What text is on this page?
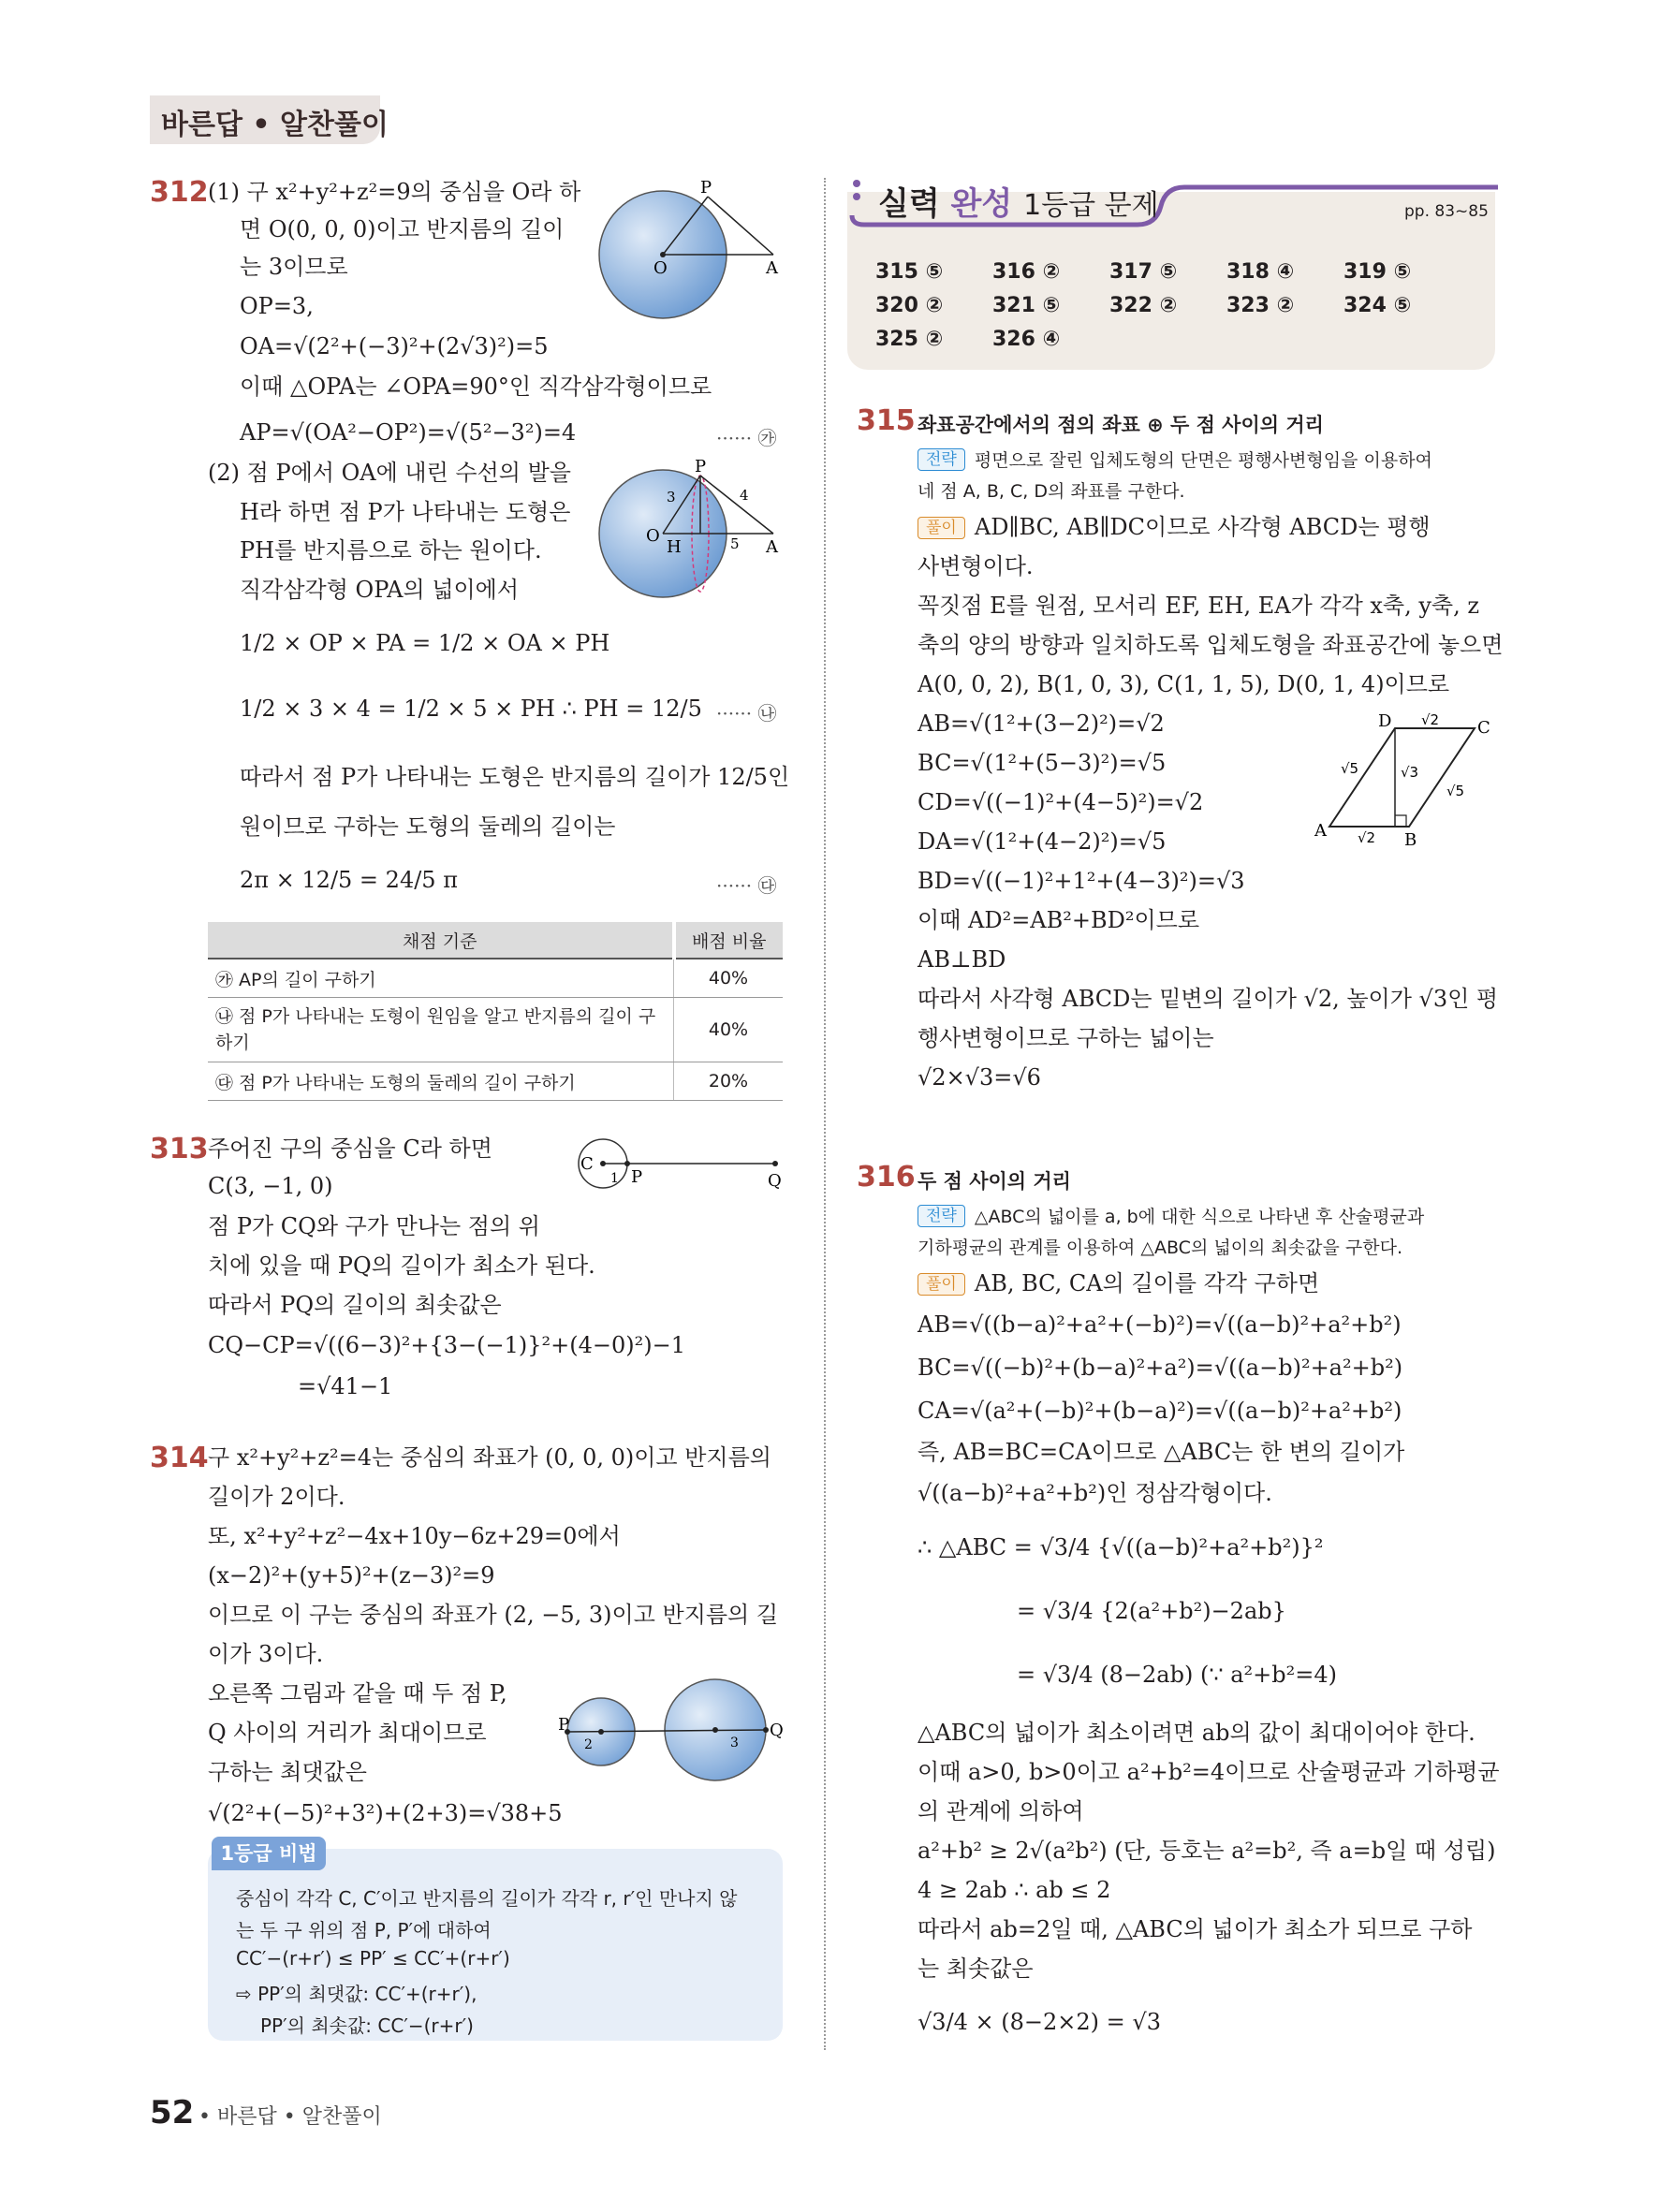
바른답 • 알찬풀이
312 (1) 구 x²+y²+z²=9의 중심을 O라 하
면 O(0, 0, 0)이고 반지름의 길이
는 3이므로
OP=3,
OA=√(2²+(−3)²+(2√3)²)=5
이때 △OPA는 ∠OPA=90°인 직각삼각형이므로
AP=√(OA²−OP²)=√(5²−3²)=4	······ ㉮
(2) 점 P에서 OA에 내린 수선의 발을
H라 하면 점 P가 나타내는 도형은
PH를 반지름으로 하는 원이다.
직각삼각형 OPA의 넓이에서
1/2 × OP × PA = 1/2 × OA × PH
1/2 × 3 × 4 = 1/2 × 5 × PH ∴ PH = 12/5 ······ ㉯
따라서 점 P가 나타내는 도형은 반지름의 길이가 12/5인
원이므로 구하는 도형의 둘레의 길이는
2π × 12/5 = 24/5 π	······ ㉰
P
O	A
P
O
A
H
3	4
5
채점 기준	배점 비율
㉮ AP의 길이 구하기	40%
㉯ 점 P가 나타내는 도형이 원임을 알고 반지름의 길이 구하기	40%
㉰ 점 P가 나타내는 도형의 둘레의 길이 구하기	20%
313 주어진 구의 중심을 C라 하면
C(3, −1, 0)
점 P가 CQ와 구가 만나는 점의 위
치에 있을 때 PQ의 길이가 최소가 된다.
따라서 PQ의 길이의 최솟값은
CQ−CP=√((6−3)²+{3−(−1)}²+(4−0)²)−1
=√41−1
C
1 P	Q
314 구 x²+y²+z²=4는 중심의 좌표가 (0, 0, 0)이고 반지름의
길이가 2이다.
또, x²+y²+z²−4x+10y−6z+29=0에서
(x−2)²+(y+5)²+(z−3)²=9
이므로 이 구는 중심의 좌표가 (2, −5, 3)이고 반지름의 길
이가 3이다.
오른쪽 그림과 같을 때 두 점 P,
Q 사이의 거리가 최대이므로
구하는 최댓값은
√(2²+(−5)²+3²)+(2+3)=√38+5
P
2	3
Q
1등급 비법
중심이 각각 C, C′이고 반지름의 길이가 각각 r, r′인 만나지 않
는 두 구 위의 점 P, P′에 대하여
CC′−(r+r′) ≤ PP′ ≤ CC′+(r+r′)
⇨ PP′의 최댓값: CC′+(r+r′),
PP′의 최솟값: CC′−(r+r′)
실력 완성 1등급 문제	pp. 83~85
315 ⑤ 316 ② 317 ⑤ 318 ④ 319 ⑤
320 ② 321 ⑤ 322 ② 323 ② 324 ⑤
325 ② 326 ④
315 좌표공간에서의 점의 좌표 ⊕ 두 점 사이의 거리
전략 평면으로 잘린 입체도형의 단면은 평행사변형임을 이용하여
네 점 A, B, C, D의 좌표를 구한다.
풀이 AD∥BC, AB∥DC이므로 사각형 ABCD는 평행
사변형이다.
꼭짓점 E를 원점, 모서리 EF, EH, EA가 각각 x축, y축, z
축의 양의 방향과 일치하도록 입체도형을 좌표공간에 놓으면
A(0, 0, 2), B(1, 0, 3), C(1, 1, 5), D(0, 1, 4)이므로
AB=√(1²+(3−2)²)=√2
BC=√(1²+(5−3)²)=√5
CD=√((−1)²+(4−5)²)=√2
DA=√(1²+(4−2)²)=√5
BD=√((−1)²+1²+(4−3)²)=√3
이때 AD²=AB²+BD²이므로
AB⊥BD
따라서 사각형 ABCD는 밑변의 길이가 √2, 높이가 √3인 평
행사변형이므로 구하는 넓이는
√2×√3=√6
A	B
C
D √2
√2
√5
√5
√3
316 두 점 사이의 거리
전략 △ABC의 넓이를 a, b에 대한 식으로 나타낸 후 산술평균과
기하평균의 관계를 이용하여 △ABC의 넓이의 최솟값을 구한다.
풀이 AB, BC, CA의 길이를 각각 구하면
AB=√((b−a)²+a²+(−b)²)=√((a−b)²+a²+b²)
BC=√((−b)²+(b−a)²+a²)=√((a−b)²+a²+b²)
CA=√(a²+(−b)²+(b−a)²)=√((a−b)²+a²+b²)
즉, AB=BC=CA이므로 △ABC는 한 변의 길이가
√((a−b)²+a²+b²)인 정삼각형이다.
∴ △ABC = √3/4 {√((a−b)²+a²+b²)}²
= √3/4 {2(a²+b²)−2ab}
= √3/4 (8−2ab) (∵ a²+b²=4)
△ABC의 넓이가 최소이려면 ab의 값이 최대이어야 한다.
이때 a>0, b>0이고 a²+b²=4이므로 산술평균과 기하평균
의 관계에 의하여
a²+b² ≥ 2√(a²b²) (단, 등호는 a²=b², 즉 a=b일 때 성립)
4 ≥ 2ab ∴ ab ≤ 2
따라서 ab=2일 때, △ABC의 넓이가 최소가 되므로 구하
는 최솟값은
√3/4 × (8−2×2) = √3
52 • 바른답 • 알찬풀이
